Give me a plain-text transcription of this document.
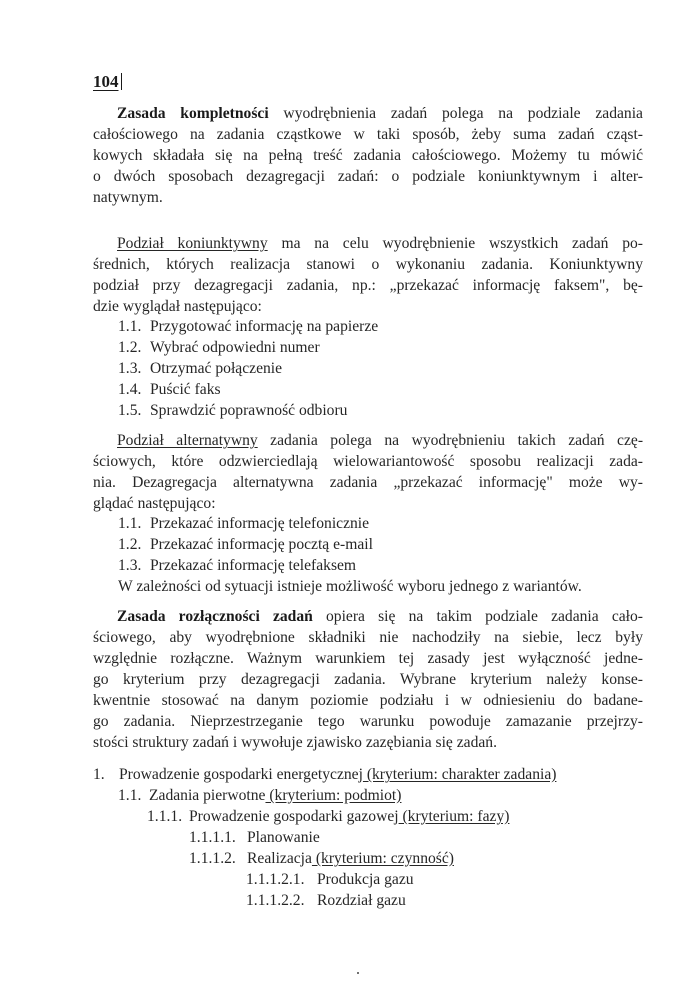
104
Zasada kompletności wyodrębnienia zadań polega na podziale zadania
całościowego na zadania cząstkowe w taki sposób, żeby suma zadań cząst-
kowych składała się na pełną treść zadania całościowego. Możemy tu mówić
o dwóch sposobach dezagregacji zadań: o podziale koniunktywnym i alter-
natywnym.
Podział koniunktywny ma na celu wyodrębnienie wszystkich zadań po-
średnich, których realizacja stanowi o wykonaniu zadania. Koniunktywny
podział przy dezagregacji zadania, np.: „przekazać informację faksem", bę-
dzie wyglądał następująco:
1.1. Przygotować informację na papierze
1.2. Wybrać odpowiedni numer
1.3. Otrzymać połączenie
1.4. Puścić faks
1.5. Sprawdzić poprawność odbioru
Podział alternatywny zadania polega na wyodrębnieniu takich zadań czę-
ściowych, które odzwierciedlają wielowariantowość sposobu realizacji zada-
nia. Dezagregacja alternatywna zadania „przekazać informację" może wy-
glądać następująco:
1.1. Przekazać informację telefonicznie
1.2. Przekazać informację pocztą e-mail
1.3. Przekazać informację telefaksem
W zależności od sytuacji istnieje możliwość wyboru jednego z wariantów.
Zasada rozłączności zadań opiera się na takim podziale zadania cało-
ściowego, aby wyodrębnione składniki nie nachodziły na siebie, lecz były
względnie rozłączne. Ważnym warunkiem tej zasady jest wyłączność jedne-
go kryterium przy dezagregacji zadania. Wybrane kryterium należy konse-
kwentnie stosować na danym poziomie podziału i w odniesieniu do badane-
go zadania. Nieprzestrzeganie tego warunku powoduje zamazanie przejrzy-
stości struktury zadań i wywołuje zjawisko zazębiania się zadań.
1. Prowadzenie gospodarki energetycznej (kryterium: charakter zadania)
1.1. Zadania pierwotne (kryterium: podmiot)
1.1.1. Prowadzenie gospodarki gazowej (kryterium: fazy)
1.1.1.1. Planowanie
1.1.1.2. Realizacja (kryterium: czynność)
1.1.1.2.1. Produkcja gazu
1.1.1.2.2. Rozdział gazu
